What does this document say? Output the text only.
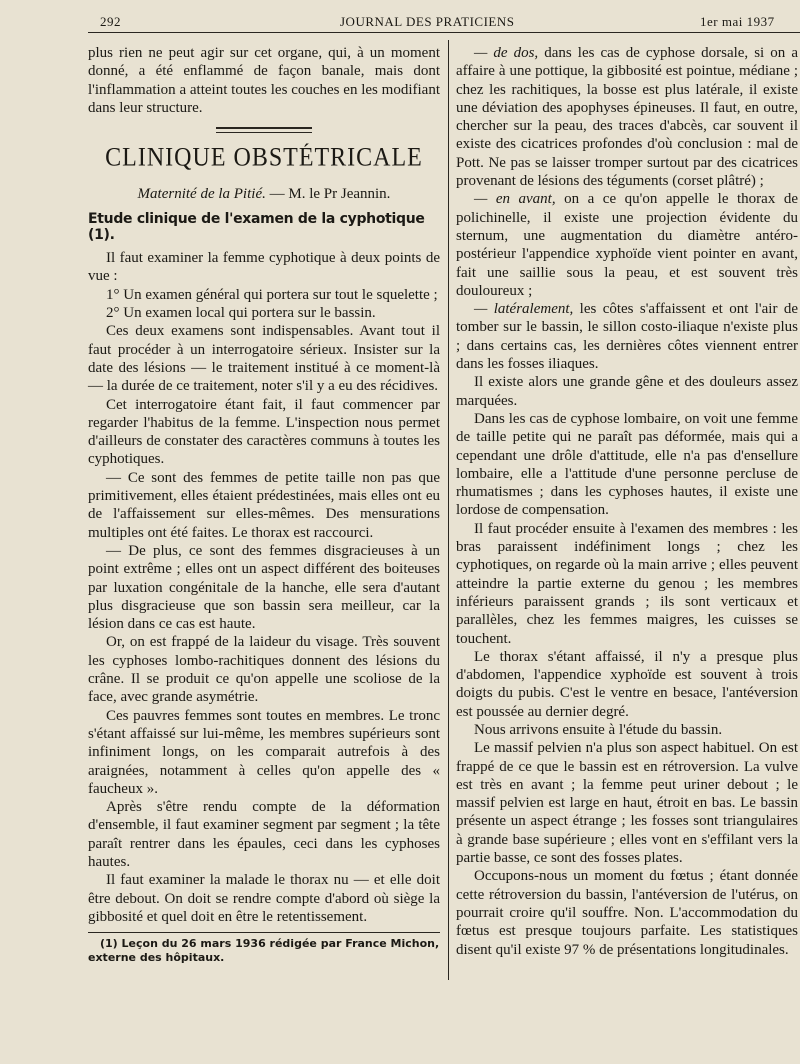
292	JOURNAL DES PRATICIENS	1er mai 1937

plus rien ne peut agir sur cet organe, qui, à un moment donné, a été enflammé de façon banale, mais dont l'inflammation a atteint toutes les couches en les modifiant dans leur structure.

CLINIQUE OBSTÉTRICALE
Maternité de la Pitié. — M. le Pr Jeannin.
Etude clinique de l'examen de la cyphotique (1).

Il faut examiner la femme cyphotique à deux points de vue :

1° Un examen général qui portera sur tout le squelette ;

2° Un examen local qui portera sur le bassin.

Ces deux examens sont indispensables. Avant tout il faut procéder à un interrogatoire sérieux. Insister sur la date des lésions — le traitement institué à ce moment-là — la durée de ce traitement, noter s'il y a eu des récidives.

Cet interrogatoire étant fait, il faut commencer par regarder l'habitus de la femme. L'inspection nous permet d'ailleurs de constater des caractères communs à toutes les cyphotiques.

— Ce sont des femmes de petite taille non pas que primitivement, elles étaient prédestinées, mais elles ont eu de l'affaissement sur elles-mêmes. Des mensurations multiples ont été faites. Le thorax est raccourci.

— De plus, ce sont des femmes disgracieuses à un point extrême ; elles ont un aspect différent des boiteuses par luxation congénitale de la hanche, elle sera d'autant plus disgracieuse que son bassin sera meilleur, car la lésion dans ce cas est haute.

Or, on est frappé de la laideur du visage. Très souvent les cyphoses lombo-rachitiques donnent des lésions du crâne. Il se produit ce qu'on appelle une scoliose de la face, avec grande asymétrie.

Ces pauvres femmes sont toutes en membres. Le tronc s'étant affaissé sur lui-même, les membres supérieurs sont infiniment longs, on les comparait autrefois à des araignées, notamment à celles qu'on appelle des « faucheux ».

Après s'être rendu compte de la déformation d'ensemble, il faut examiner segment par segment ; la tête paraît rentrer dans les épaules, ceci dans les cyphoses hautes.

Il faut examiner la malade le thorax nu — et elle doit être debout. On doit se rendre compte d'abord où siège la gibbosité et quel doit en être le retentissement.

(1) Leçon du 26 mars 1936 rédigée par France Michon, externe des hôpitaux.

— de dos, dans les cas de cyphose dorsale, si on a affaire à une pottique, la gibbosité est pointue, médiane ; chez les rachitiques, la bosse est plus latérale, il existe une déviation des apophyses épineuses. Il faut, en outre, chercher sur la peau, des traces d'abcès, car souvent il existe des cicatrices profondes d'où conclusion : mal de Pott. Ne pas se laisser tromper surtout par des cicatrices provenant de lésions des téguments (corset plâtré) ;

— en avant, on a ce qu'on appelle le thorax de polichinelle, il existe une projection évidente du sternum, une augmentation du diamètre antéro-postérieur l'appendice xyphoïde vient pointer en avant, fait une saillie sous la peau, et est souvent très douloureux ;

— latéralement, les côtes s'affaissent et ont l'air de tomber sur le bassin, le sillon costo-iliaque n'existe plus ; dans certains cas, les dernières côtes viennent entrer dans les fosses iliaques.

Il existe alors une grande gêne et des douleurs assez marquées.

Dans les cas de cyphose lombaire, on voit une femme de taille petite qui ne paraît pas déformée, mais qui a cependant une drôle d'attitude, elle n'a pas d'ensellure lombaire, elle a l'attitude d'une personne percluse de rhumatismes ; dans les cyphoses hautes, il existe une lordose de compensation.

Il faut procéder ensuite à l'examen des membres : les bras paraissent indéfiniment longs ; chez les cyphotiques, on regarde où la main arrive ; elles peuvent atteindre la partie externe du genou ; les membres inférieurs paraissent grands ; ils sont verticaux et parallèles, chez les femmes maigres, les cuisses se touchent.

Le thorax s'étant affaissé, il n'y a presque plus d'abdomen, l'appendice xyphoïde est souvent à trois doigts du pubis. C'est le ventre en besace, l'antéversion est poussée au dernier degré.

Nous arrivons ensuite à l'étude du bassin.

Le massif pelvien n'a plus son aspect habituel. On est frappé de ce que le bassin est en rétroversion. La vulve est très en avant ; la femme peut uriner debout ; le massif pelvien est large en haut, étroit en bas. Le bassin présente un aspect étrange ; les fosses sont triangulaires à grande base supérieure ; elles vont en s'effilant vers la partie basse, ce sont des fosses plates.

Occupons-nous un moment du fœtus ; étant donnée cette rétroversion du bassin, l'antéversion de l'utérus, on pourrait croire qu'il souffre. Non. L'accommodation du fœtus est presque toujours parfaite. Les statistiques disent qu'il existe 97 % de présentations longitudinales.
